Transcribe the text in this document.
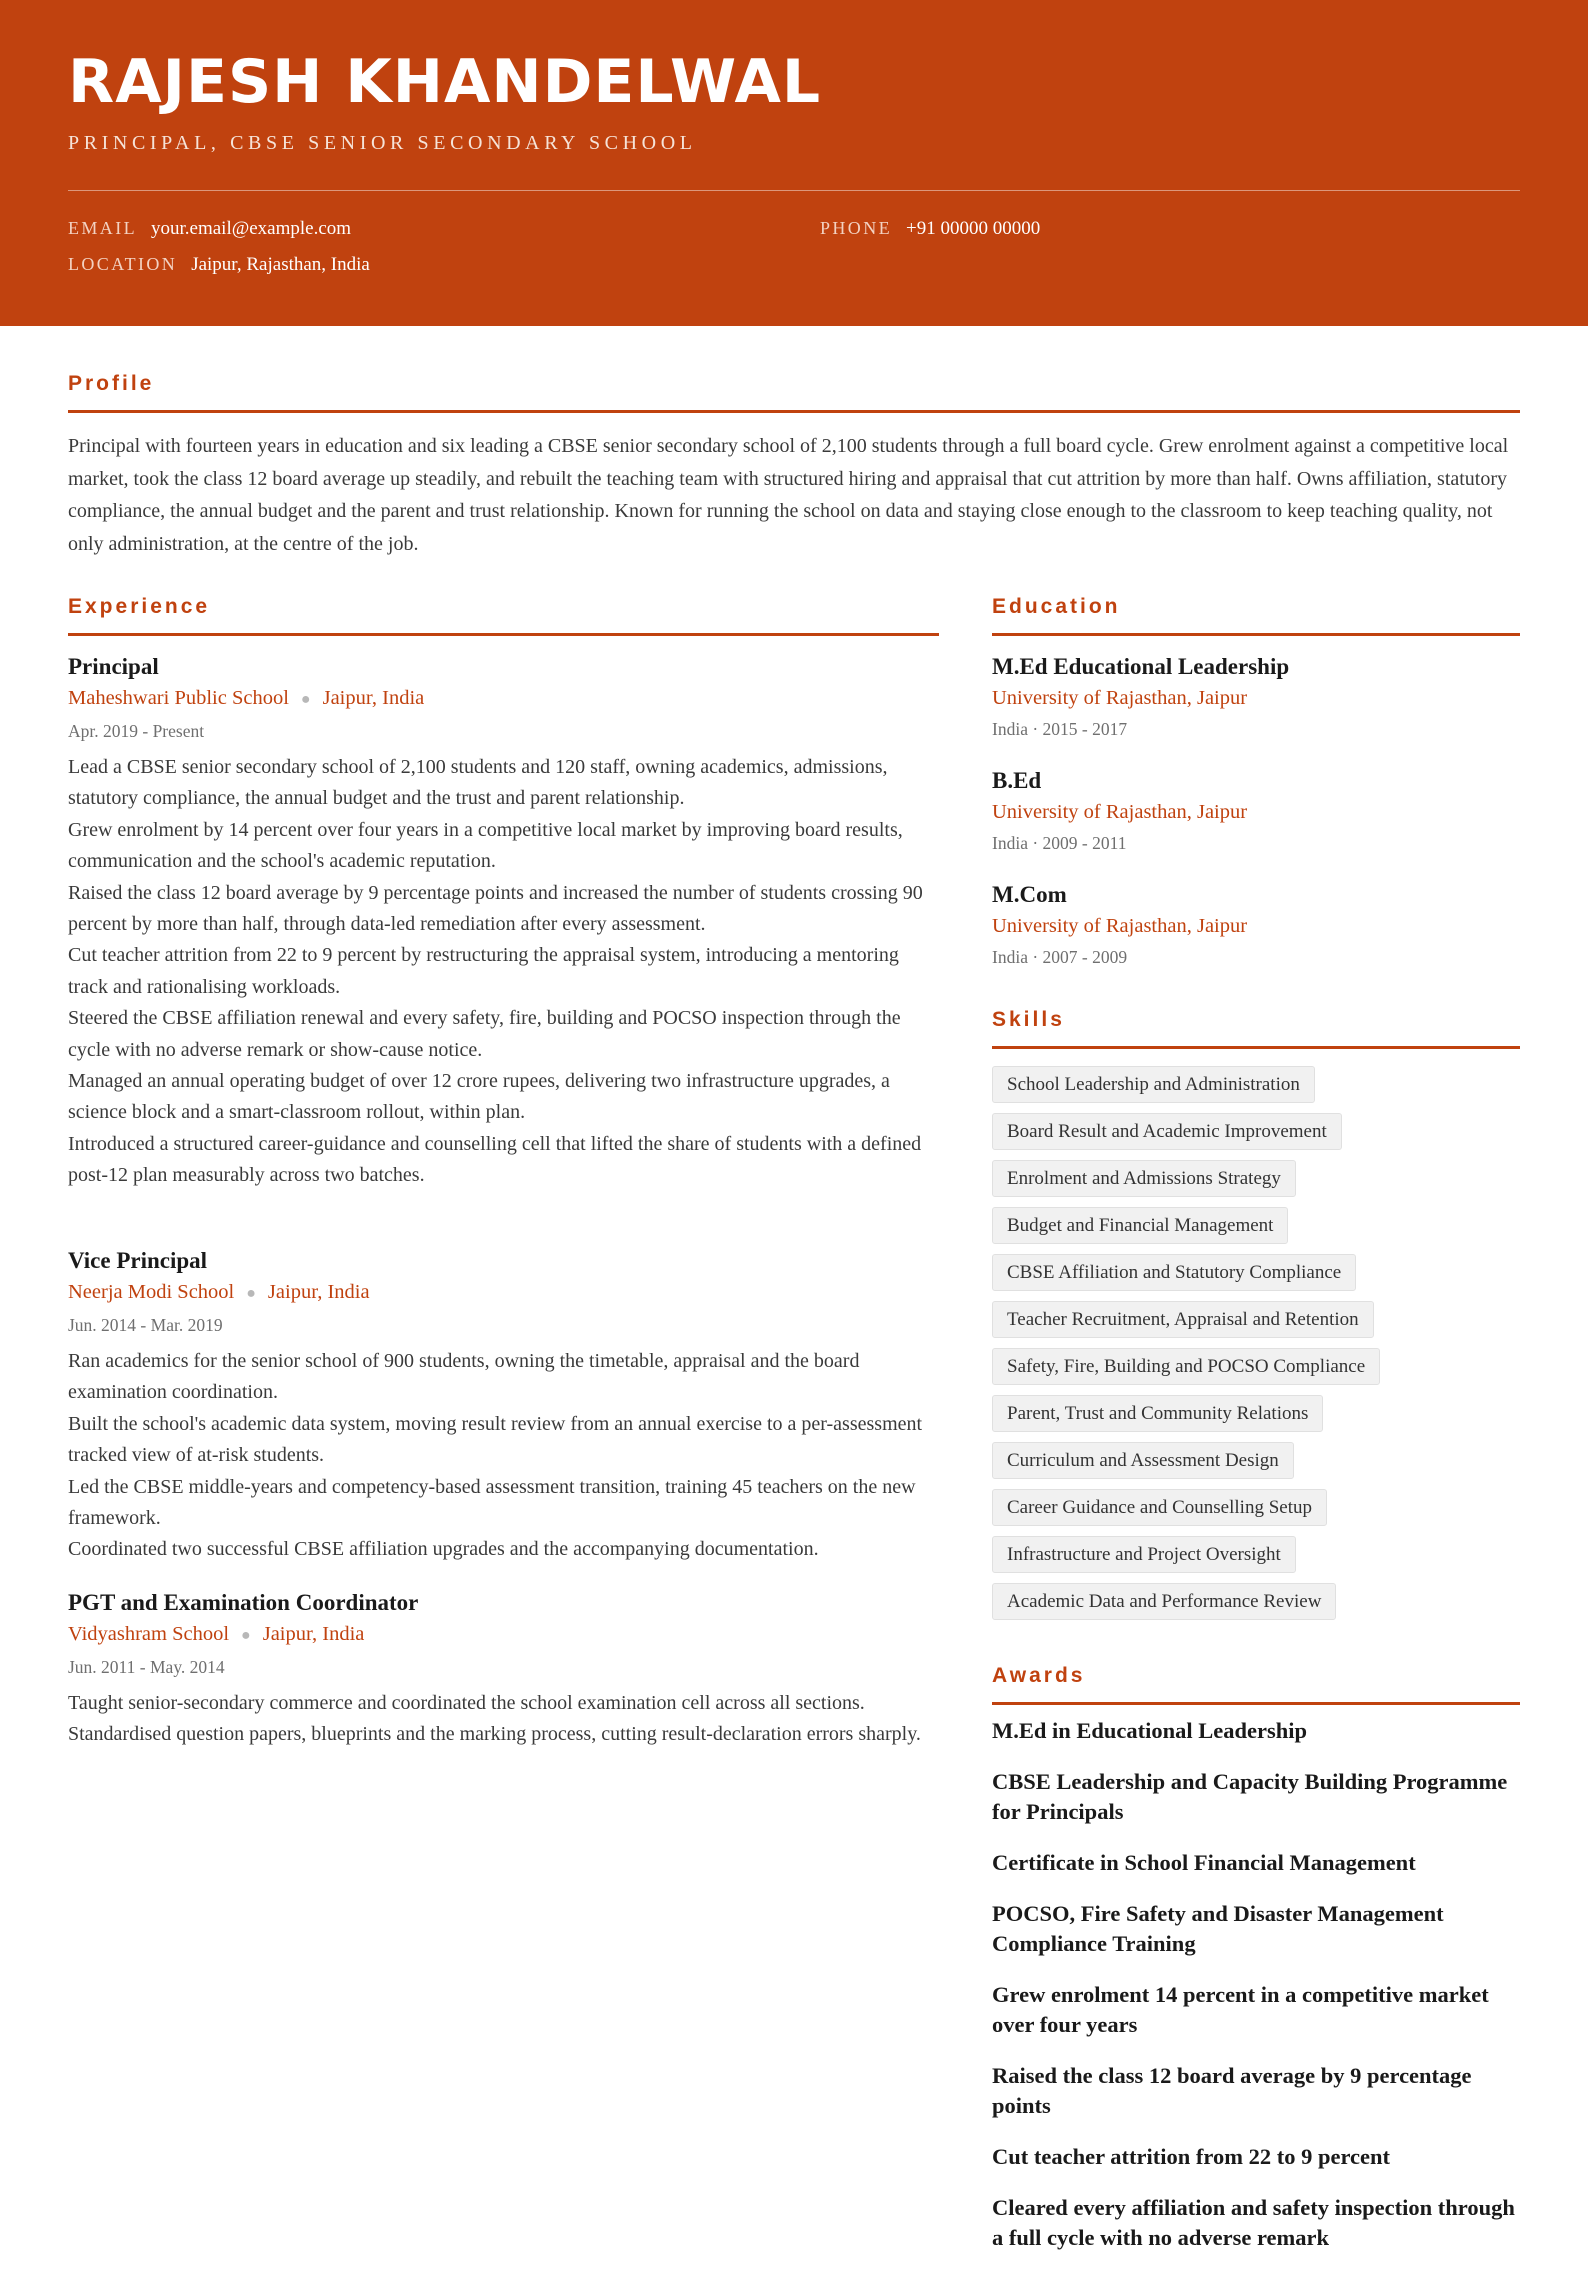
RAJESH KHANDELWAL
PRINCIPAL, CBSE SENIOR SECONDARY SCHOOL
EMAIL your.email@example.com	PHONE +91 00000 00000
LOCATION Jaipur, Rajasthan, India
Profile
Principal with fourteen years in education and six leading a CBSE senior secondary school of 2,100 students through a full board cycle. Grew enrolment against a competitive local market, took the class 12 board average up steadily, and rebuilt the teaching team with structured hiring and appraisal that cut attrition by more than half. Owns affiliation, statutory compliance, the annual budget and the parent and trust relationship. Known for running the school on data and staying close enough to the classroom to keep teaching quality, not only administration, at the centre of the job.
Experience
Principal
Maheshwari Public School ● Jaipur, India
Apr. 2019 - Present
Lead a CBSE senior secondary school of 2,100 students and 120 staff, owning academics, admissions, statutory compliance, the annual budget and the trust and parent relationship.
Grew enrolment by 14 percent over four years in a competitive local market by improving board results, communication and the school's academic reputation.
Raised the class 12 board average by 9 percentage points and increased the number of students crossing 90 percent by more than half, through data-led remediation after every assessment.
Cut teacher attrition from 22 to 9 percent by restructuring the appraisal system, introducing a mentoring track and rationalising workloads.
Steered the CBSE affiliation renewal and every safety, fire, building and POCSO inspection through the cycle with no adverse remark or show-cause notice.
Managed an annual operating budget of over 12 crore rupees, delivering two infrastructure upgrades, a science block and a smart-classroom rollout, within plan.
Introduced a structured career-guidance and counselling cell that lifted the share of students with a defined post-12 plan measurably across two batches.
Vice Principal
Neerja Modi School ● Jaipur, India
Jun. 2014 - Mar. 2019
Ran academics for the senior school of 900 students, owning the timetable, appraisal and the board examination coordination.
Built the school's academic data system, moving result review from an annual exercise to a per-assessment tracked view of at-risk students.
Led the CBSE middle-years and competency-based assessment transition, training 45 teachers on the new framework.
Coordinated two successful CBSE affiliation upgrades and the accompanying documentation.
PGT and Examination Coordinator
Vidyashram School ● Jaipur, India
Jun. 2011 - May. 2014
Taught senior-secondary commerce and coordinated the school examination cell across all sections.
Standardised question papers, blueprints and the marking process, cutting result-declaration errors sharply.
Education
M.Ed Educational Leadership
University of Rajasthan, Jaipur
India · 2015 - 2017
B.Ed
University of Rajasthan, Jaipur
India · 2009 - 2011
M.Com
University of Rajasthan, Jaipur
India · 2007 - 2009
Skills
School Leadership and Administration
Board Result and Academic Improvement
Enrolment and Admissions Strategy
Budget and Financial Management
CBSE Affiliation and Statutory Compliance
Teacher Recruitment, Appraisal and Retention
Safety, Fire, Building and POCSO Compliance
Parent, Trust and Community Relations
Curriculum and Assessment Design
Career Guidance and Counselling Setup
Infrastructure and Project Oversight
Academic Data and Performance Review
Awards
M.Ed in Educational Leadership
CBSE Leadership and Capacity Building Programme for Principals
Certificate in School Financial Management
POCSO, Fire Safety and Disaster Management Compliance Training
Grew enrolment 14 percent in a competitive market over four years
Raised the class 12 board average by 9 percentage points
Cut teacher attrition from 22 to 9 percent
Cleared every affiliation and safety inspection through a full cycle with no adverse remark
